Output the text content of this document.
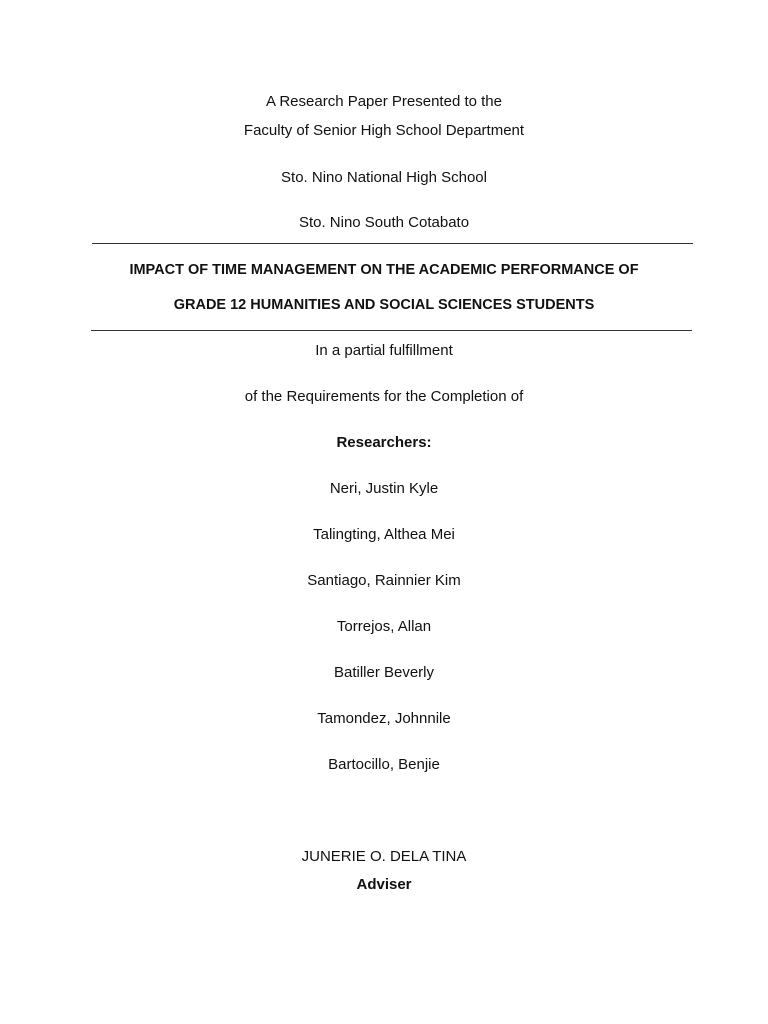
A Research Paper Presented to the
Faculty of Senior High School Department
Sto. Nino National High School
Sto. Nino South Cotabato
IMPACT OF TIME MANAGEMENT ON THE ACADEMIC PERFORMANCE OF
GRADE 12 HUMANITIES AND SOCIAL SCIENCES STUDENTS
In a partial fulfillment
of the Requirements for the Completion of
Researchers:
Neri, Justin Kyle
Talingting, Althea Mei
Santiago, Rainnier Kim
Torrejos, Allan
Batiller Beverly
Tamondez, Johnnile
Bartocillo, Benjie
JUNERIE O. DELA TINA
Adviser
